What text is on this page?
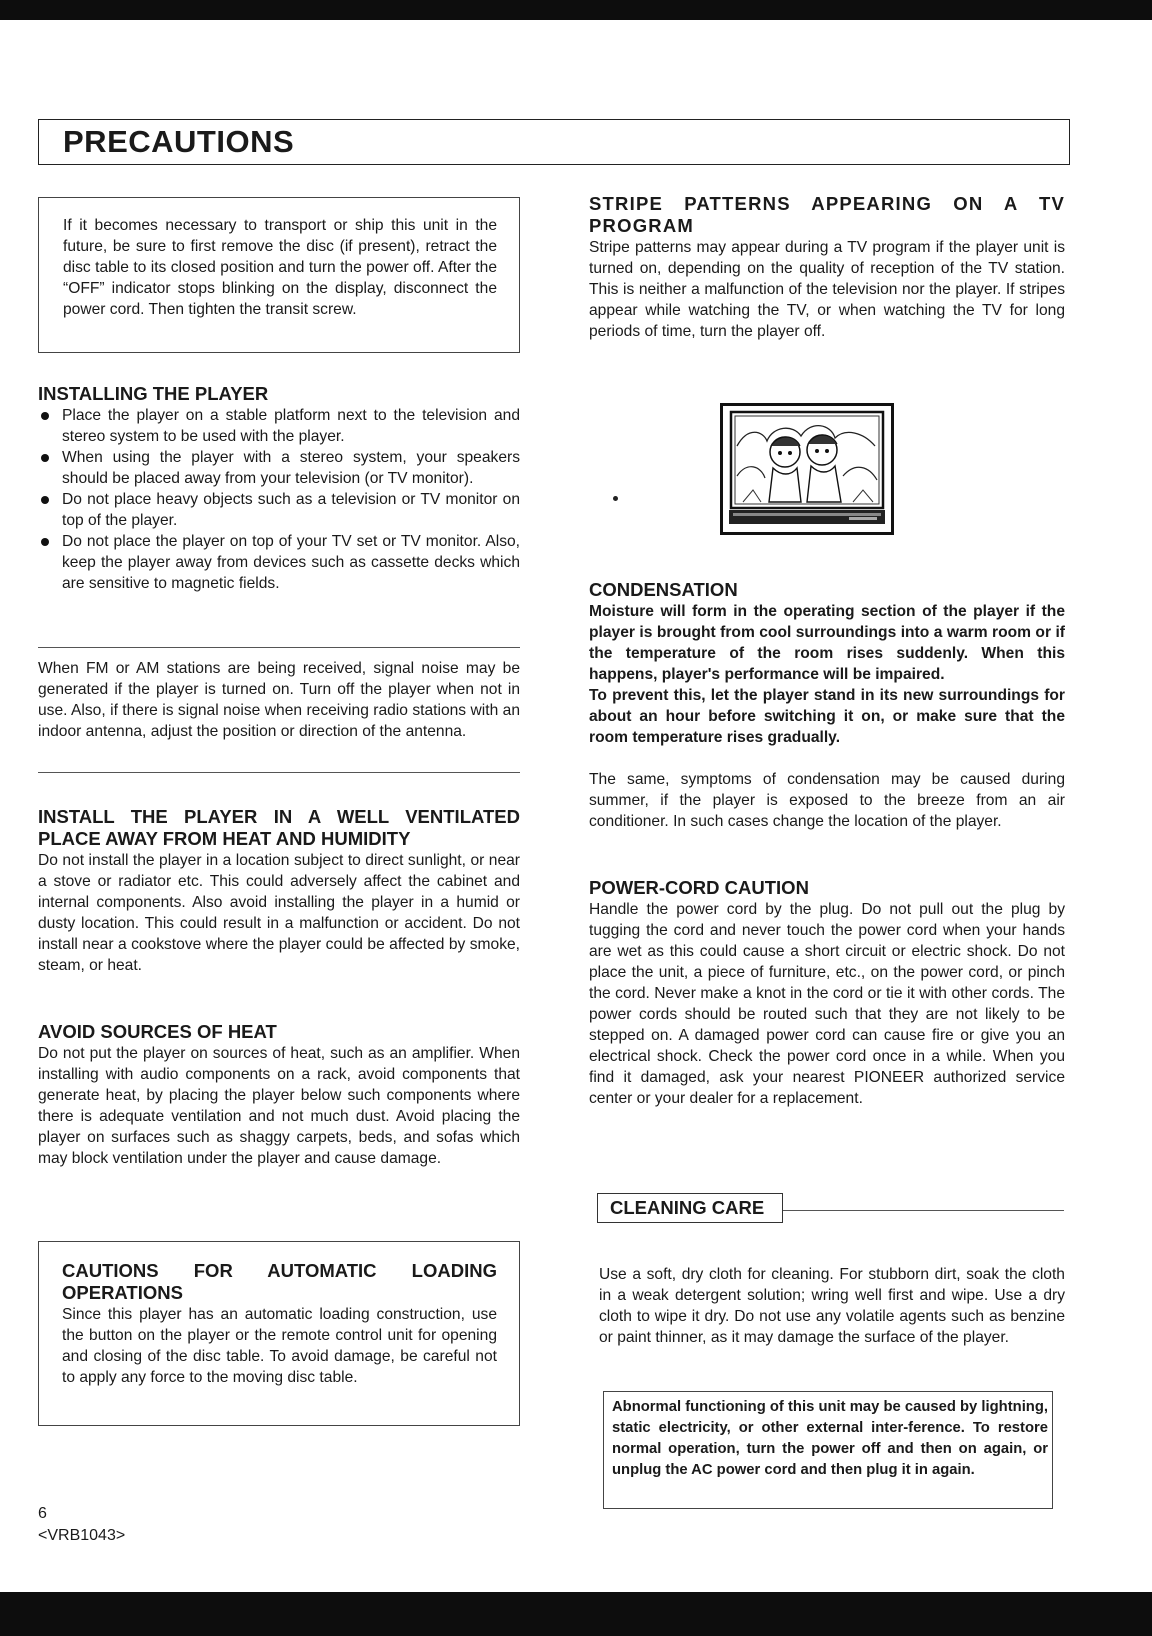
PRECAUTIONS
If it becomes necessary to transport or ship this unit in the future, be sure to first remove the disc (if present), retract the disc table to its closed position and turn the power off. After the “OFF” indicator stops blinking on the display, disconnect the power cord. Then tighten the transit screw.
INSTALLING THE PLAYER
Place the player on a stable platform next to the television and stereo system to be used with the player.
When using the player with a stereo system, your speakers should be placed away from your television (or TV monitor).
Do not place heavy objects such as a television or TV monitor on top of the player.
Do not place the player on top of your TV set or TV monitor. Also, keep the player away from devices such as cassette decks which are sensitive to magnetic fields.
When FM or AM stations are being received, signal noise may be generated if the player is turned on. Turn off the player when not in use. Also, if there is signal noise when receiving radio stations with an indoor antenna, adjust the position or direction of the antenna.
INSTALL THE PLAYER IN A WELL VENTILATED PLACE AWAY FROM HEAT AND HUMIDITY
Do not install the player in a location subject to direct sunlight, or near a stove or radiator etc. This could adversely affect the cabinet and internal components. Also avoid installing the player in a humid or dusty location. This could result in a malfunction or accident. Do not install near a cookstove where the player could be affected by smoke, steam, or heat.
AVOID SOURCES OF HEAT
Do not put the player on sources of heat, such as an amplifier. When installing with audio components on a rack, avoid components that generate heat, by placing the player below such components where there is adequate ventilation and not much dust. Avoid placing the player on surfaces such as shaggy carpets, beds, and sofas which may block ventilation under the player and cause damage.
CAUTIONS FOR AUTOMATIC LOADING OPERATIONS
Since this player has an automatic loading construction, use the button on the player or the remote control unit for opening and closing of the disc table. To avoid damage, be careful not to apply any force to the moving disc table.
6
<VRB1043>
STRIPE PATTERNS APPEARING ON A TV PROGRAM
Stripe patterns may appear during a TV program if the player unit is turned on, depending on the quality of reception of the TV station. This is neither a malfunction of the television nor the player. If stripes appear while watching the TV, or when watching the TV for long periods of time, turn the player off.
CONDENSATION
Moisture will form in the operating section of the player if the player is brought from cool surroundings into a warm room or if the temperature of the room rises suddenly. When this happens, player's performance will be impaired.
To prevent this, let the player stand in its new surroundings for about an hour before switching it on, or make sure that the room temperature rises gradually.
The same, symptoms of condensation may be caused during summer, if the player is exposed to the breeze from an air conditioner. In such cases change the location of the player.
POWER-CORD CAUTION
Handle the power cord by the plug. Do not pull out the plug by tugging the cord and never touch the power cord when your hands are wet as this could cause a short circuit or electric shock. Do not place the unit, a piece of furniture, etc., on the power cord, or pinch the cord. Never make a knot in the cord or tie it with other cords. The power cords should be routed such that they are not likely to be stepped on. A damaged power cord can cause fire or give you an electrical shock. Check the power cord once in a while. When you find it damaged, ask your nearest PIONEER authorized service center or your dealer for a replacement.
CLEANING CARE
Use a soft, dry cloth for cleaning. For stubborn dirt, soak the cloth in a weak detergent solution; wring well first and wipe. Use a dry cloth to wipe it dry. Do not use any volatile agents such as benzine or paint thinner, as it may damage the surface of the player.
Abnormal functioning of this unit may be caused by lightning, static electricity, or other external inter-ference. To restore normal operation, turn the power off and then on again, or unplug the AC power cord and then plug it in again.
